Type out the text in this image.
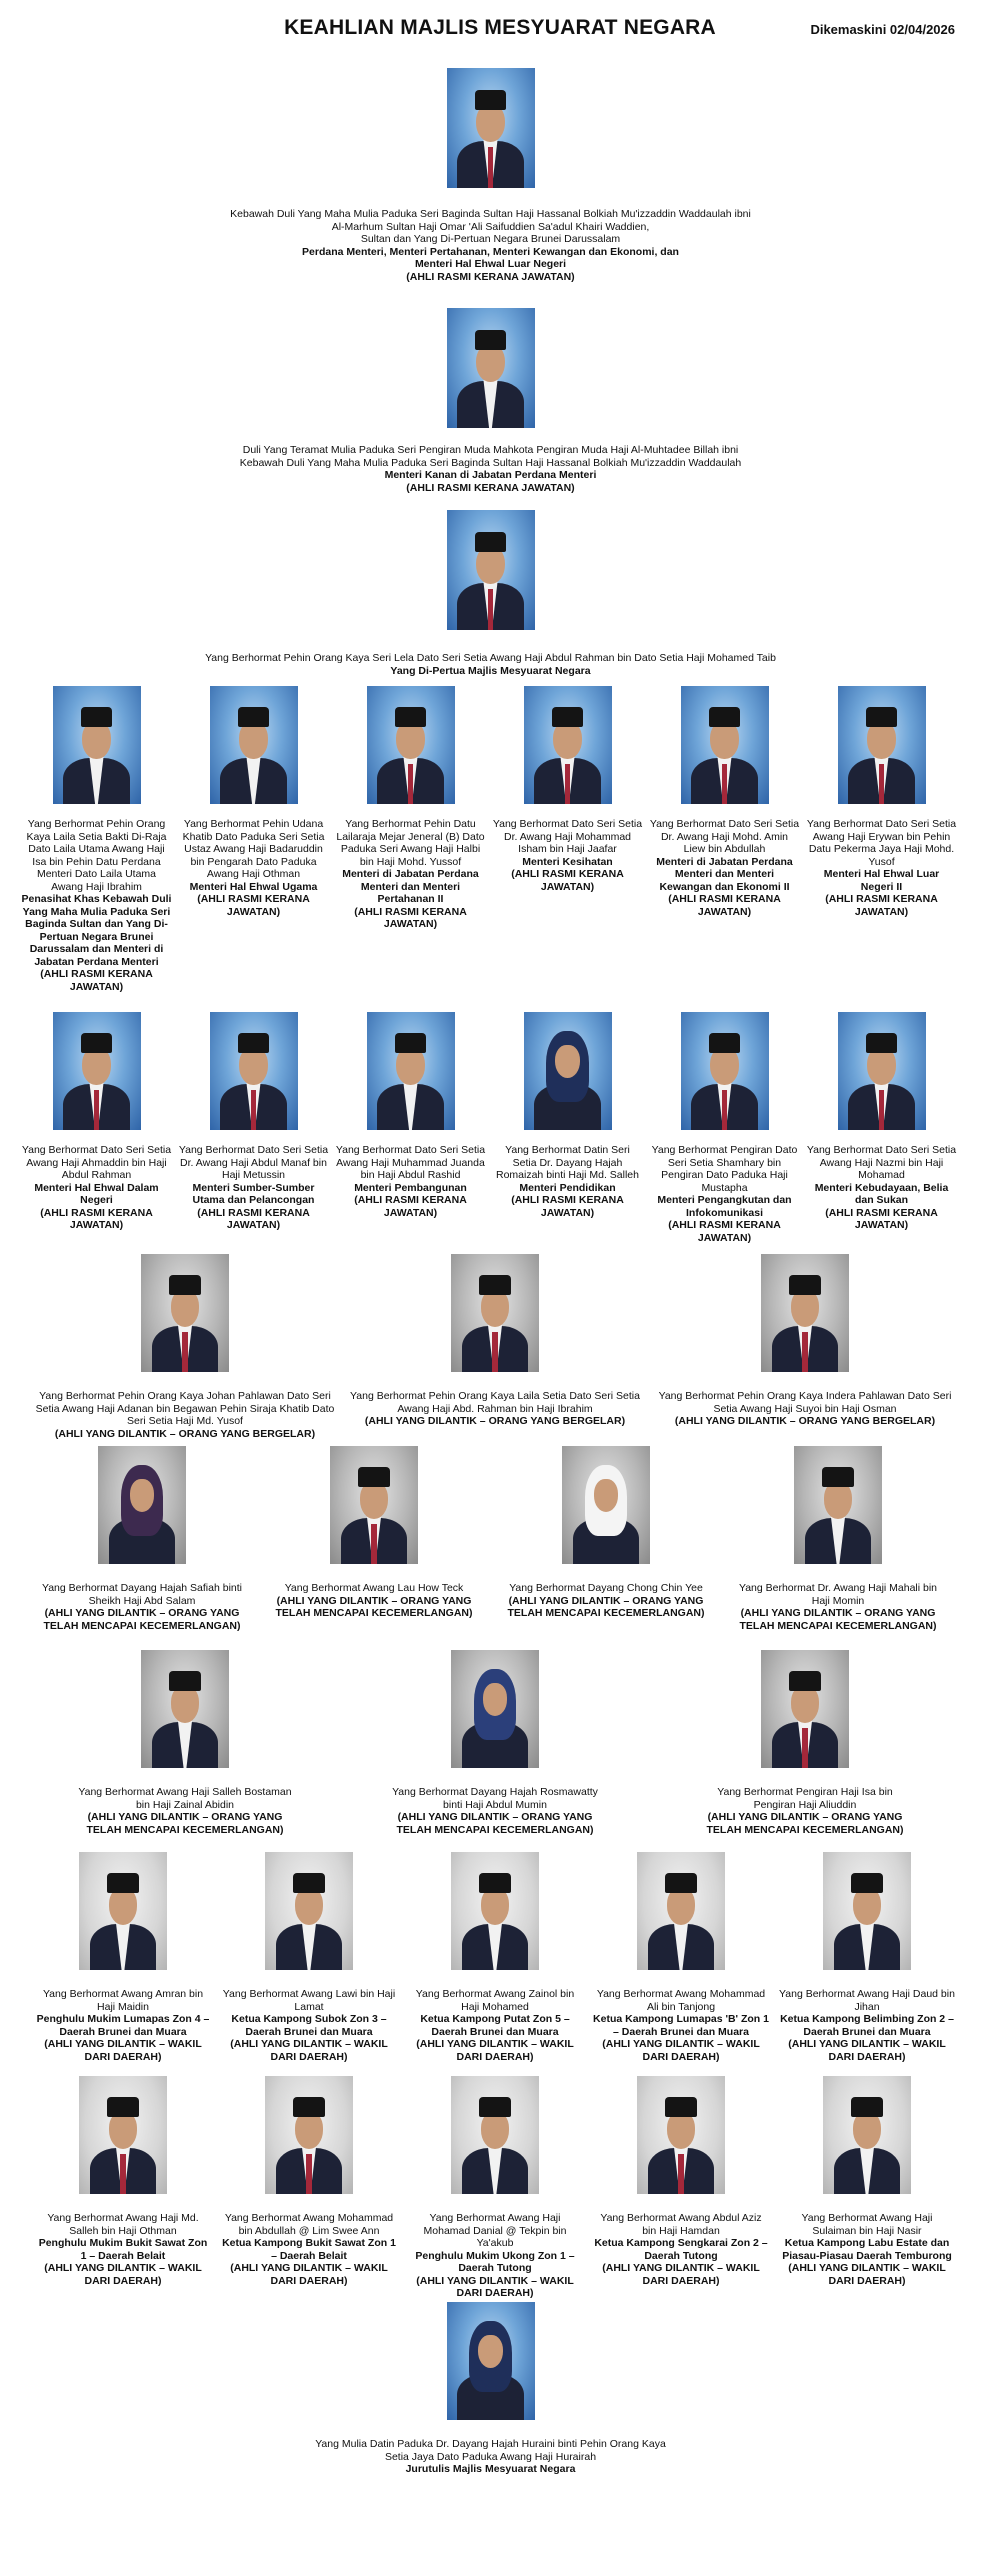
KEAHLIAN MAJLIS MESYUARAT NEGARA	Dikemaskini 02/04/2026
Kebawah Duli Yang Maha Mulia Paduka Seri Baginda Sultan Haji Hassanal Bolkiah Mu'izzaddin Waddaulah ibni
Al-Marhum Sultan Haji Omar 'Ali Saifuddien Sa'adul Khairi Waddien,
Sultan dan Yang Di-Pertuan Negara Brunei Darussalam
Perdana Menteri, Menteri Pertahanan, Menteri Kewangan dan Ekonomi, dan
Menteri Hal Ehwal Luar Negeri
(AHLI RASMI KERANA JAWATAN)
Duli Yang Teramat Mulia Paduka Seri Pengiran Muda Mahkota Pengiran Muda Haji Al-Muhtadee Billah ibni
Kebawah Duli Yang Maha Mulia Paduka Seri Baginda Sultan Haji Hassanal Bolkiah Mu'izzaddin Waddaulah
Menteri Kanan di Jabatan Perdana Menteri
(AHLI RASMI KERANA JAWATAN)
Yang Berhormat Pehin Orang Kaya Seri Lela Dato Seri Setia Awang Haji Abdul Rahman bin Dato Setia Haji Mohamed Taib
Yang Di-Pertua Majlis Mesyuarat Negara
Yang Berhormat Pehin Orang Kaya Laila Setia Bakti Di-Raja Dato Laila Utama Awang Haji Isa bin Pehin Datu Perdana Menteri Dato Laila Utama Awang Haji Ibrahim
Penasihat Khas Kebawah Duli Yang Maha Mulia Paduka Seri Baginda Sultan dan Yang Di-Pertuan Negara Brunei Darussalam dan Menteri di Jabatan Perdana Menteri
(AHLI RASMI KERANA JAWATAN)
Yang Berhormat Pehin Udana Khatib Dato Paduka Seri Setia Ustaz Awang Haji Badaruddin bin Pengarah Dato Paduka Awang Haji Othman
Menteri Hal Ehwal Ugama
(AHLI RASMI KERANA JAWATAN)
Yang Berhormat Pehin Datu Lailaraja Mejar Jeneral (B) Dato Paduka Seri Awang Haji Halbi bin Haji Mohd. Yussof
Menteri di Jabatan Perdana Menteri dan Menteri Pertahanan II
(AHLI RASMI KERANA JAWATAN)
Yang Berhormat Dato Seri Setia Dr. Awang Haji Mohammad Isham bin Haji Jaafar
Menteri Kesihatan
(AHLI RASMI KERANA JAWATAN)
Yang Berhormat Dato Seri Setia Dr. Awang Haji Mohd. Amin Liew bin Abdullah
Menteri di Jabatan Perdana Menteri dan Menteri Kewangan dan Ekonomi II
(AHLI RASMI KERANA JAWATAN)
Yang Berhormat Dato Seri Setia Awang Haji Erywan bin Pehin Datu Pekerma Jaya Haji Mohd. Yusof
Menteri Hal Ehwal Luar Negeri II
(AHLI RASMI KERANA JAWATAN)
Yang Berhormat Dato Seri Setia Awang Haji Ahmaddin bin Haji Abdul Rahman
Menteri Hal Ehwal Dalam Negeri
(AHLI RASMI KERANA JAWATAN)
Yang Berhormat Dato Seri Setia Dr. Awang Haji Abdul Manaf bin Haji Metussin
Menteri Sumber-Sumber Utama dan Pelancongan
(AHLI RASMI KERANA JAWATAN)
Yang Berhormat Dato Seri Setia Awang Haji Muhammad Juanda bin Haji Abdul Rashid
Menteri Pembangunan
(AHLI RASMI KERANA JAWATAN)
Yang Berhormat Datin Seri Setia Dr. Dayang Hajah Romaizah binti Haji Md. Salleh
Menteri Pendidikan
(AHLI RASMI KERANA JAWATAN)
Yang Berhormat Pengiran Dato Seri Setia Shamhary bin Pengiran Dato Paduka Haji Mustapha
Menteri Pengangkutan dan Infokomunikasi
(AHLI RASMI KERANA JAWATAN)
Yang Berhormat Dato Seri Setia Awang Haji Nazmi bin Haji Mohamad
Menteri Kebudayaan, Belia dan Sukan
(AHLI RASMI KERANA JAWATAN)
Yang Berhormat Pehin Orang Kaya Johan Pahlawan Dato Seri Setia Awang Haji Adanan bin Begawan Pehin Siraja Khatib Dato Seri Setia Haji Md. Yusof
(AHLI YANG DILANTIK – ORANG YANG BERGELAR)
Yang Berhormat Pehin Orang Kaya Laila Setia Dato Seri Setia Awang Haji Abd. Rahman bin Haji Ibrahim
(AHLI YANG DILANTIK – ORANG YANG BERGELAR)
Yang Berhormat Pehin Orang Kaya Indera Pahlawan Dato Seri Setia Awang Haji Suyoi bin Haji Osman
(AHLI YANG DILANTIK – ORANG YANG BERGELAR)
Yang Berhormat Dayang Hajah Safiah binti Sheikh Haji Abd Salam
(AHLI YANG DILANTIK – ORANG YANG TELAH MENCAPAI KECEMERLANGAN)
Yang Berhormat Awang Lau How Teck
(AHLI YANG DILANTIK – ORANG YANG TELAH MENCAPAI KECEMERLANGAN)
Yang Berhormat Dayang Chong Chin Yee
(AHLI YANG DILANTIK – ORANG YANG TELAH MENCAPAI KECEMERLANGAN)
Yang Berhormat Dr. Awang Haji Mahali bin Haji Momin
(AHLI YANG DILANTIK – ORANG YANG TELAH MENCAPAI KECEMERLANGAN)
Yang Berhormat Awang Haji Salleh Bostaman bin Haji Zainal Abidin
(AHLI YANG DILANTIK – ORANG YANG TELAH MENCAPAI KECEMERLANGAN)
Yang Berhormat Dayang Hajah Rosmawatty binti Haji Abdul Mumin
(AHLI YANG DILANTIK – ORANG YANG TELAH MENCAPAI KECEMERLANGAN)
Yang Berhormat Pengiran Haji Isa bin Pengiran Haji Aliuddin
(AHLI YANG DILANTIK – ORANG YANG TELAH MENCAPAI KECEMERLANGAN)
Yang Berhormat Awang Amran bin Haji Maidin
Penghulu Mukim Lumapas Zon 4 – Daerah Brunei dan Muara
(AHLI YANG DILANTIK – WAKIL DARI DAERAH)
Yang Berhormat Awang Lawi bin Haji Lamat
Ketua Kampong Subok Zon 3 – Daerah Brunei dan Muara
(AHLI YANG DILANTIK – WAKIL DARI DAERAH)
Yang Berhormat Awang Zainol bin Haji Mohamed
Ketua Kampong Putat Zon 5 – Daerah Brunei dan Muara
(AHLI YANG DILANTIK – WAKIL DARI DAERAH)
Yang Berhormat Awang Mohammad Ali bin Tanjong
Ketua Kampong Lumapas 'B' Zon 1 – Daerah Brunei dan Muara
(AHLI YANG DILANTIK – WAKIL DARI DAERAH)
Yang Berhormat Awang Haji Daud bin Jihan
Ketua Kampong Belimbing Zon 2 – Daerah Brunei dan Muara
(AHLI YANG DILANTIK – WAKIL DARI DAERAH)
Yang Berhormat Awang Haji Md. Salleh bin Haji Othman
Penghulu Mukim Bukit Sawat Zon 1 – Daerah Belait
(AHLI YANG DILANTIK – WAKIL DARI DAERAH)
Yang Berhormat Awang Mohammad bin Abdullah @ Lim Swee Ann
Ketua Kampong Bukit Sawat Zon 1 – Daerah Belait
(AHLI YANG DILANTIK – WAKIL DARI DAERAH)
Yang Berhormat Awang Haji Mohamad Danial @ Tekpin bin Ya'akub
Penghulu Mukim Ukong Zon 1 – Daerah Tutong
(AHLI YANG DILANTIK – WAKIL DARI DAERAH)
Yang Berhormat Awang Abdul Aziz bin Haji Hamdan
Ketua Kampong Sengkarai Zon 2 – Daerah Tutong
(AHLI YANG DILANTIK – WAKIL DARI DAERAH)
Yang Berhormat Awang Haji Sulaiman bin Haji Nasir
Ketua Kampong Labu Estate dan Piasau-Piasau Daerah Temburong
(AHLI YANG DILANTIK – WAKIL DARI DAERAH)
Yang Mulia Datin Paduka Dr. Dayang Hajah Huraini binti Pehin Orang Kaya
Setia Jaya Dato Paduka Awang Haji Hurairah
Jurutulis Majlis Mesyuarat Negara
